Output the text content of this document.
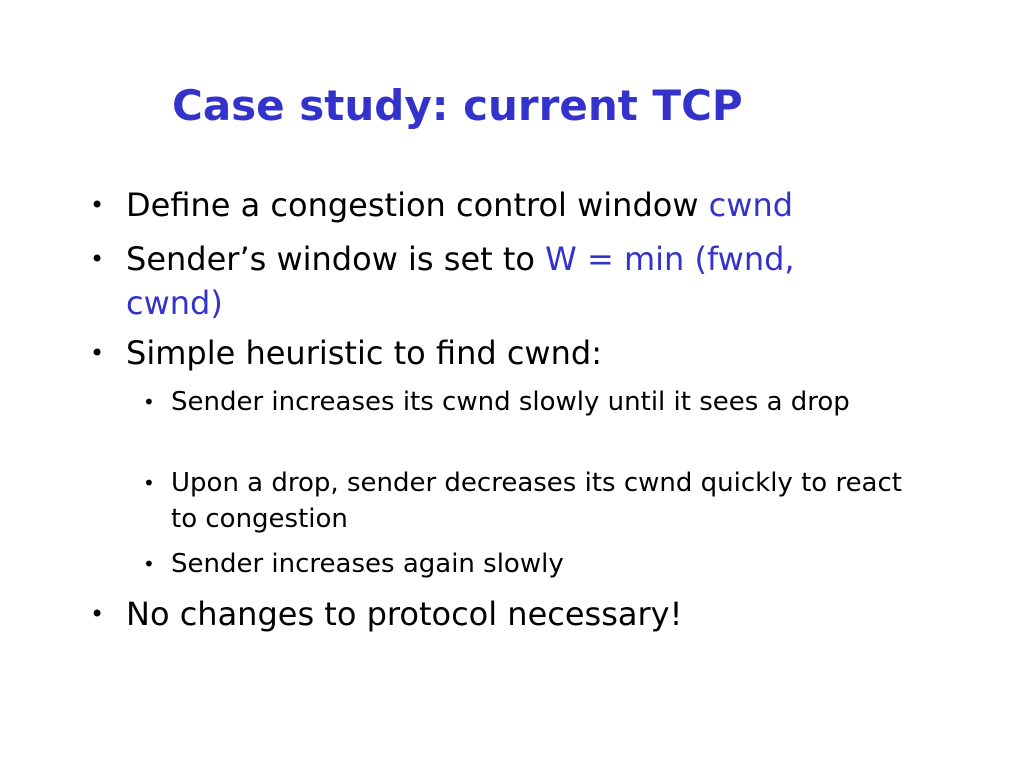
Case study: current TCP
• Define a congestion control window cwnd
• Sender’s window is set to W = min (fwnd, cwnd)
• Simple heuristic to find cwnd:
• Sender increases its cwnd slowly until it sees a drop
• Upon a drop, sender decreases its cwnd quickly to react to congestion
• Sender increases again slowly
• No changes to protocol necessary!
